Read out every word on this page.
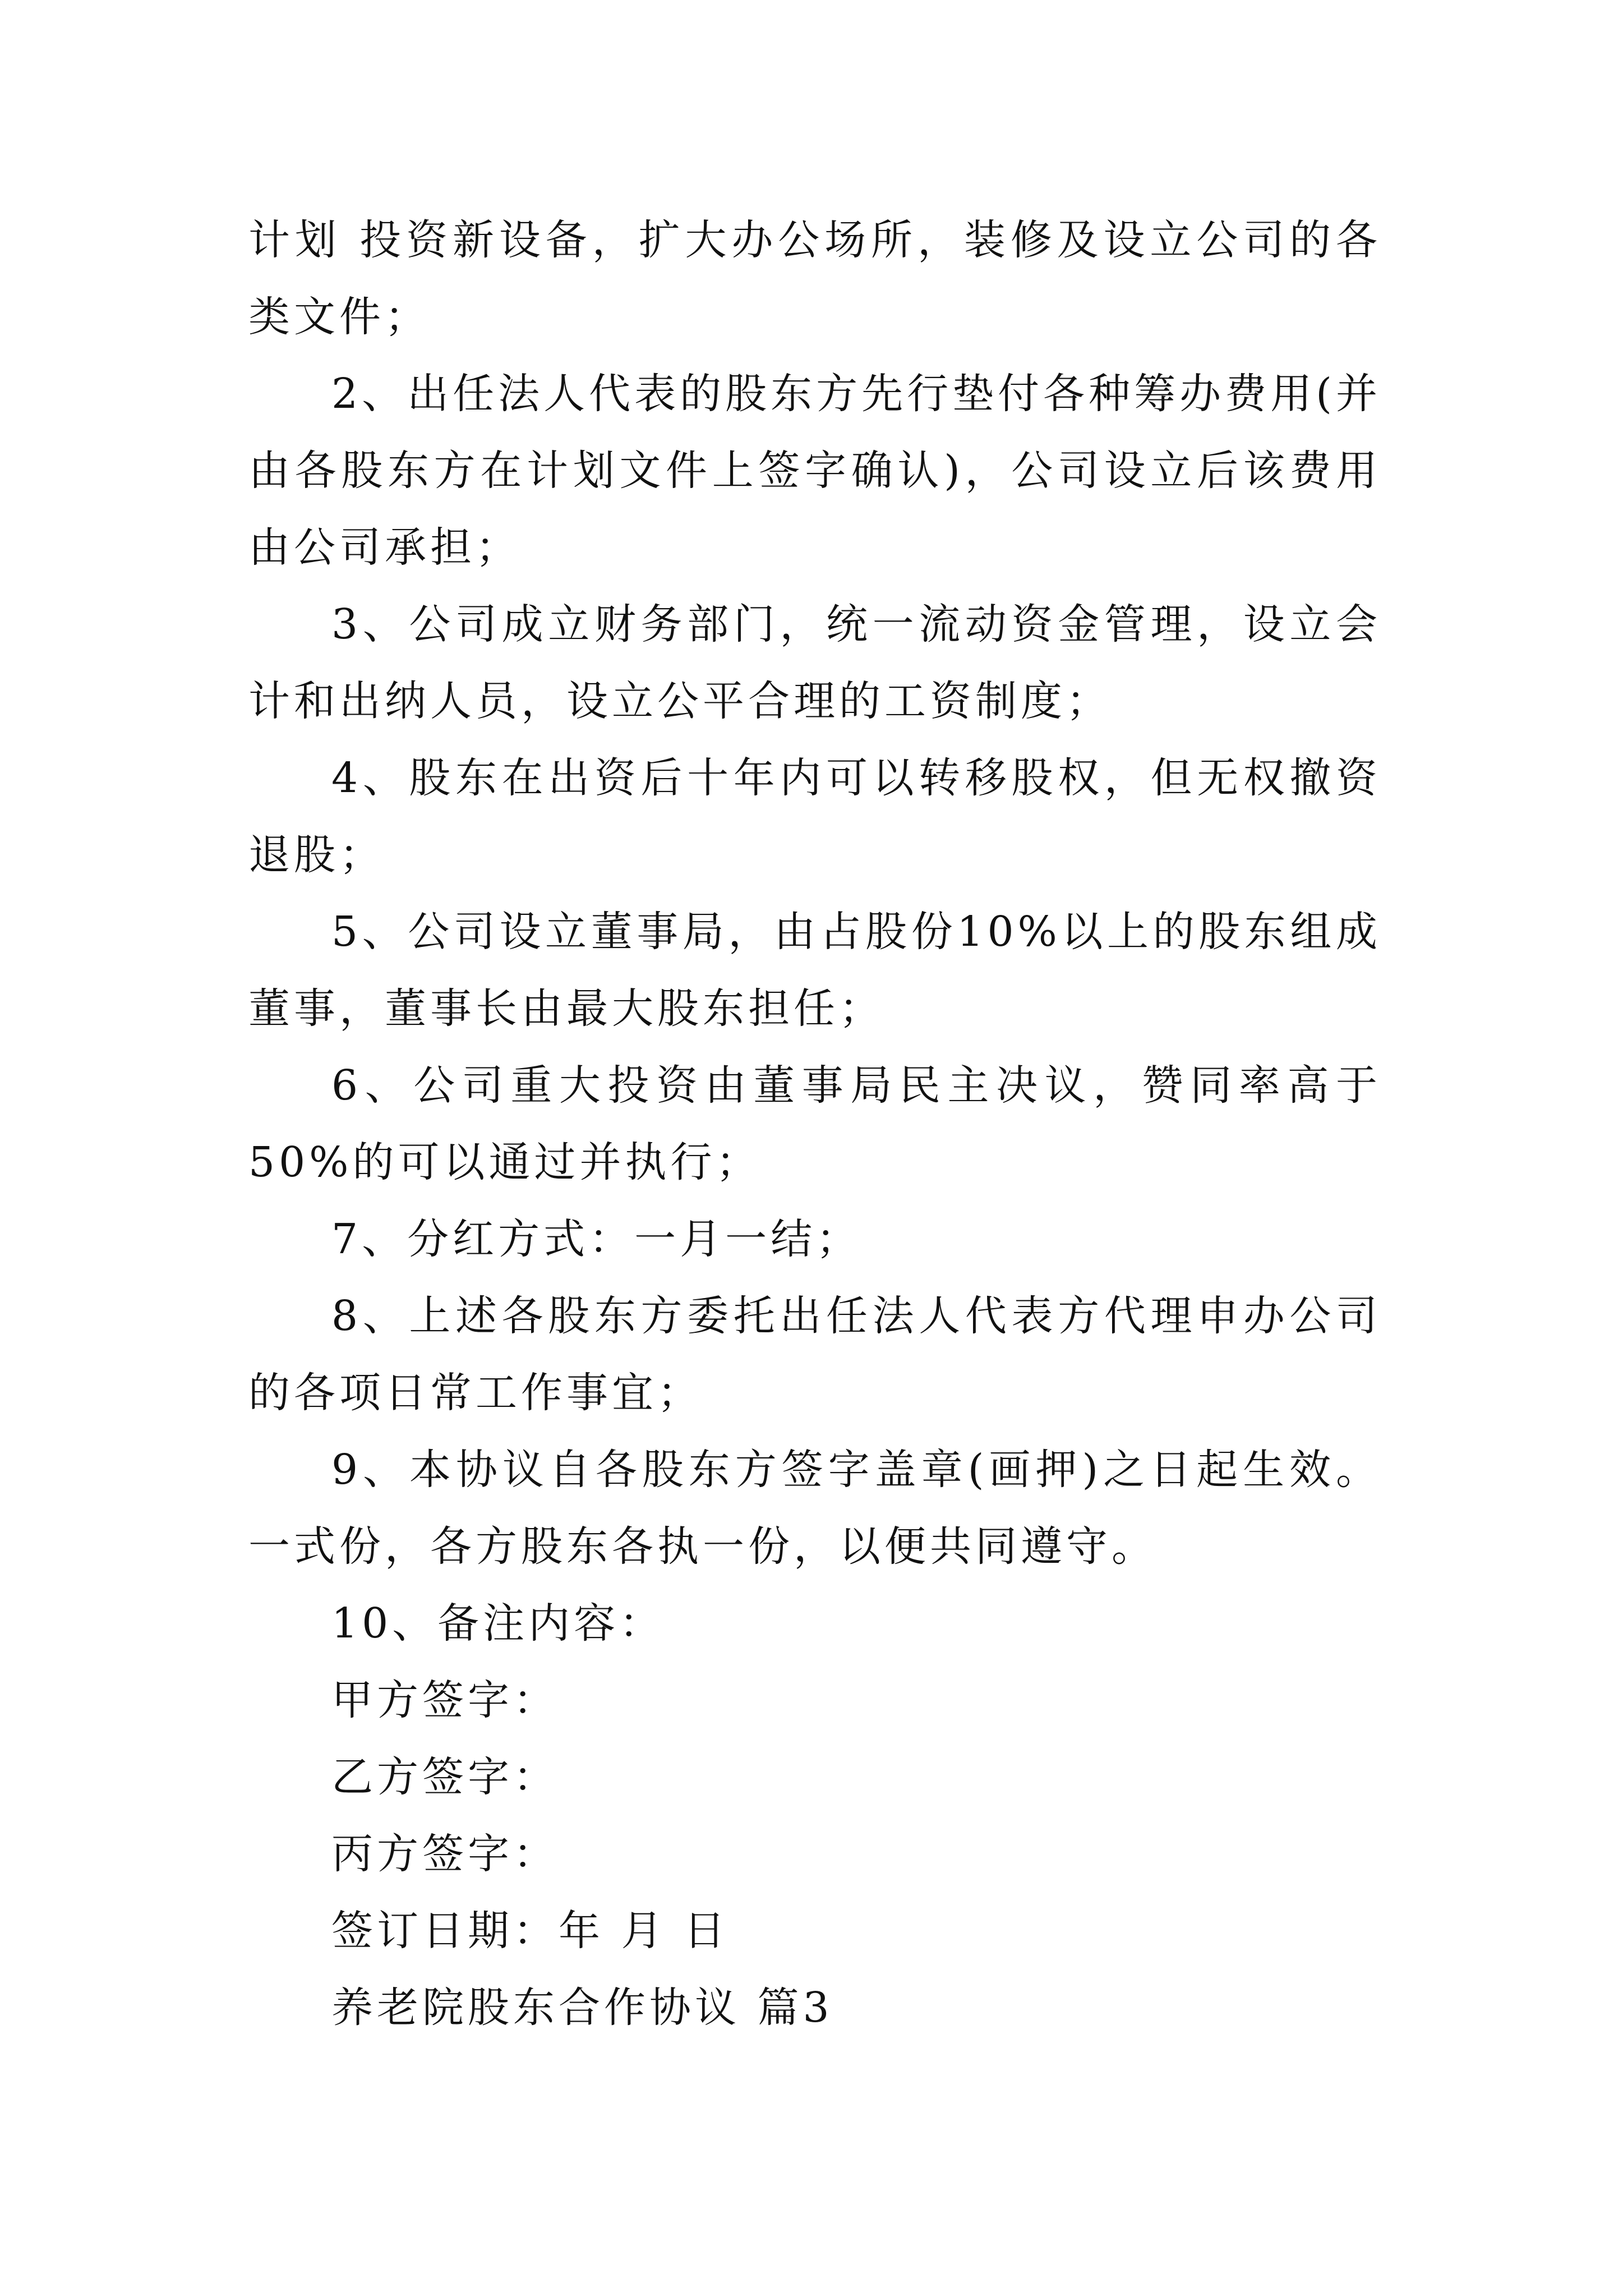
计划 投资新设备，扩大办公场所，装修及设立公司的各类文件；

2、出任法人代表的股东方先行垫付各种筹办费用(并由各股东方在计划文件上签字确认)，公司设立后该费用由公司承担；

3、公司成立财务部门，统一流动资金管理，设立会计和出纳人员，设立公平合理的工资制度；

4、股东在出资后十年内可以转移股权，但无权撤资退股；

5、公司设立董事局，由占股份10%以上的股东组成董事，董事长由最大股东担任；

6、公司重大投资由董事局民主决议，赞同率高于50%的可以通过并执行；

7、分红方式：一月一结；

8、上述各股东方委托出任法人代表方代理申办公司的各项日常工作事宜；

9、本协议自各股东方签字盖章(画押)之日起生效。一式份，各方股东各执一份，以便共同遵守。

10、备注内容：

甲方签字：

乙方签字：

丙方签字：

签订日期：年 月 日

养老院股东合作协议 篇3
